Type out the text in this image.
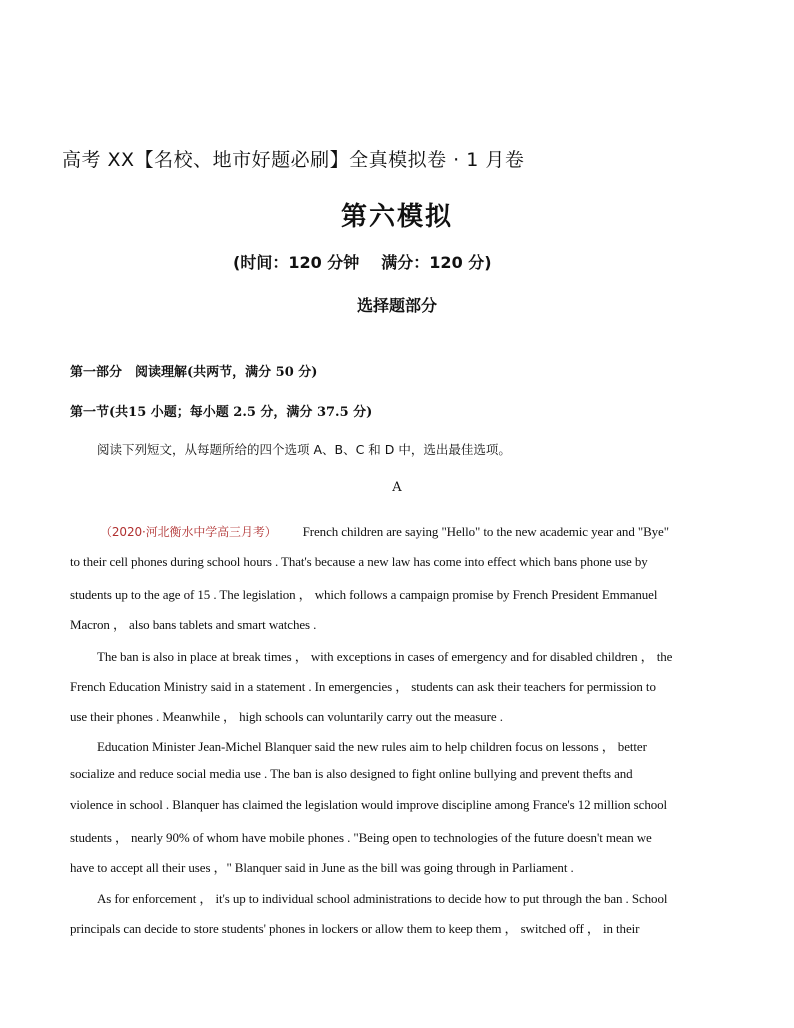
高考 XX【名校、地市好题必刷】全真模拟卷 · 1 月卷
第六模拟
(时间：120 分钟 满分：120 分)
选择题部分
第一部分　阅读理解(共两节，满分 50 分)
第一节(共15 小题；每小题 2.5 分，满分 37.5 分)
阅读下列短文，从每题所给的四个选项 A、B、C 和 D 中，选出最佳选项。
A
（2020·河北衡水中学高三月考） French children are saying "Hello" to the new academic year and "Bye"
to their cell phones during school hours . That's because a new law has come into effect which bans phone use by
students up to the age of 15 . The legislation ， which follows a campaign promise by French President Emmanuel
Macron ， also bans tablets and smart watches .
The ban is also in place at break times ， with exceptions in cases of emergency and for disabled children ， the
French Education Ministry said in a statement . In emergencies ， students can ask their teachers for permission to
use their phones . Meanwhile ， high schools can voluntarily carry out the measure .
Education Minister Jean-Michel Blanquer said the new rules aim to help children focus on lessons ， better
socialize and reduce social media use . The ban is also designed to fight online bullying and prevent thefts and
violence in school . Blanquer has claimed the legislation would improve discipline among France's 12 million school
students ， nearly 90% of whom have mobile phones . "Being open to technologies of the future doesn't mean we
have to accept all their uses ，" Blanquer said in June as the bill was going through in Parliament .
As for enforcement ， it's up to individual school administrations to decide how to put through the ban . School
principals can decide to store students' phones in lockers or allow them to keep them ， switched off ， in their
